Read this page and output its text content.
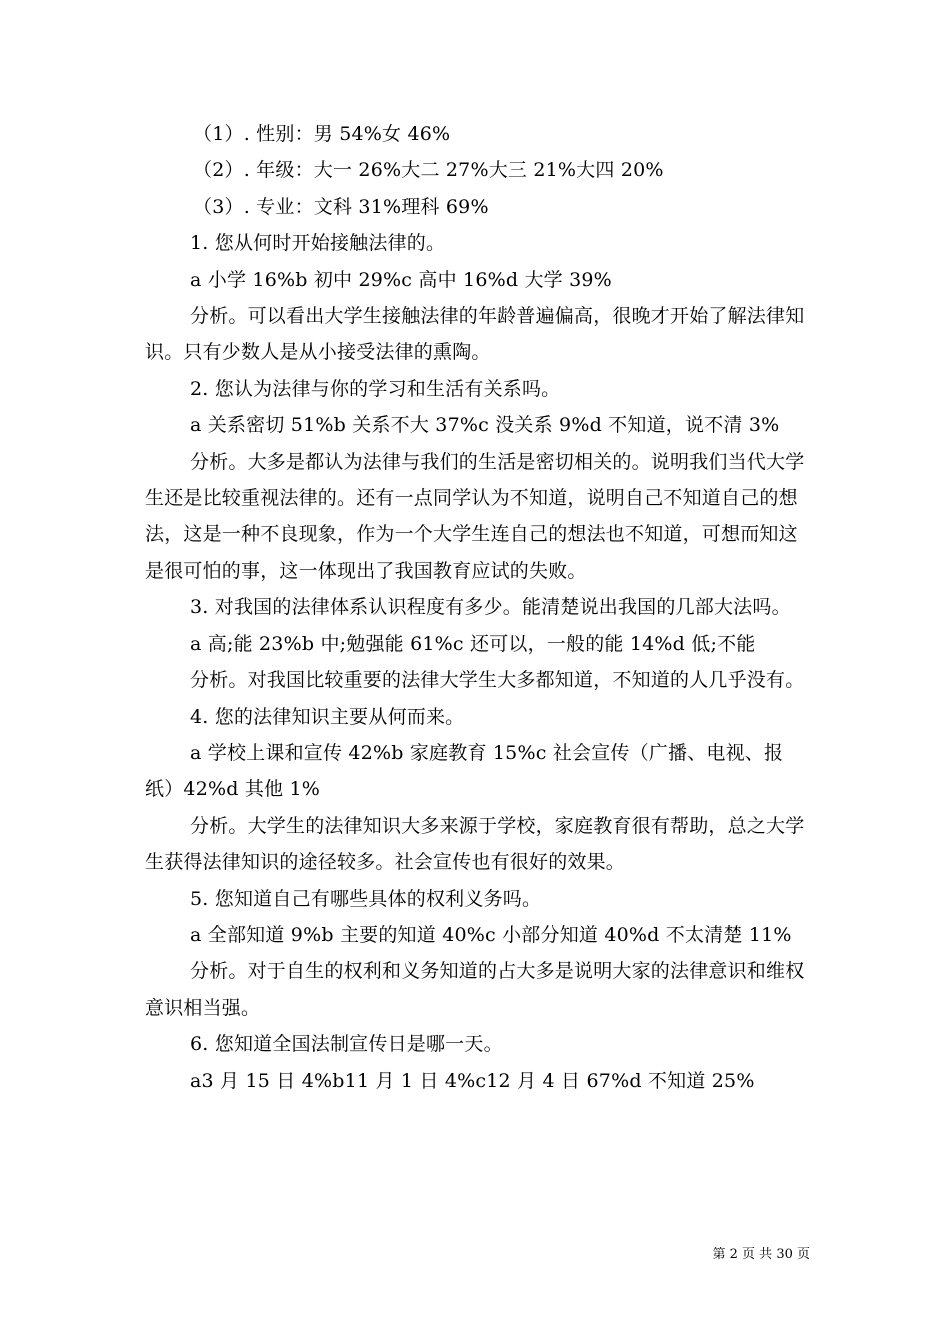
（1）. 性别：男 54%女 46%

（2）. 年级：大一 26%大二 27%大三 21%大四 20%

（3）. 专业：文科 31%理科 69%

1. 您从何时开始接触法律的。

a 小学 16%b 初中 29%c 高中 16%d 大学 39%

分析。可以看出大学生接触法律的年龄普遍偏高，很晚才开始了解法律知识。只有少数人是从小接受法律的熏陶。

2. 您认为法律与你的学习和生活有关系吗。

a 关系密切 51%b 关系不大 37%c 没关系 9%d 不知道，说不清 3%

分析。大多是都认为法律与我们的生活是密切相关的。说明我们当代大学生还是比较重视法律的。还有一点同学认为不知道，说明自己不知道自己的想法，这是一种不良现象，作为一个大学生连自己的想法也不知道，可想而知这是很可怕的事，这一体现出了我国教育应试的失败。

3. 对我国的法律体系认识程度有多少。能清楚说出我国的几部大法吗。

a 高;能 23%b 中;勉强能 61%c 还可以，一般的能 14%d 低;不能

分析。对我国比较重要的法律大学生大多都知道，不知道的人几乎没有。

4. 您的法律知识主要从何而来。

a 学校上课和宣传 42%b 家庭教育 15%c 社会宣传（广播、电视、报纸）42%d 其他 1%

分析。大学生的法律知识大多来源于学校，家庭教育很有帮助，总之大学生获得法律知识的途径较多。社会宣传也有很好的效果。

5. 您知道自己有哪些具体的权利义务吗。

a 全部知道 9%b 主要的知道 40%c 小部分知道 40%d 不太清楚 11%

分析。对于自生的权利和义务知道的占大多是说明大家的法律意识和维权意识相当强。

6. 您知道全国法制宣传日是哪一天。

a3 月 15 日 4%b11 月 1 日 4%c12 月 4 日 67%d 不知道 25%

第 2 页 共 30 页
